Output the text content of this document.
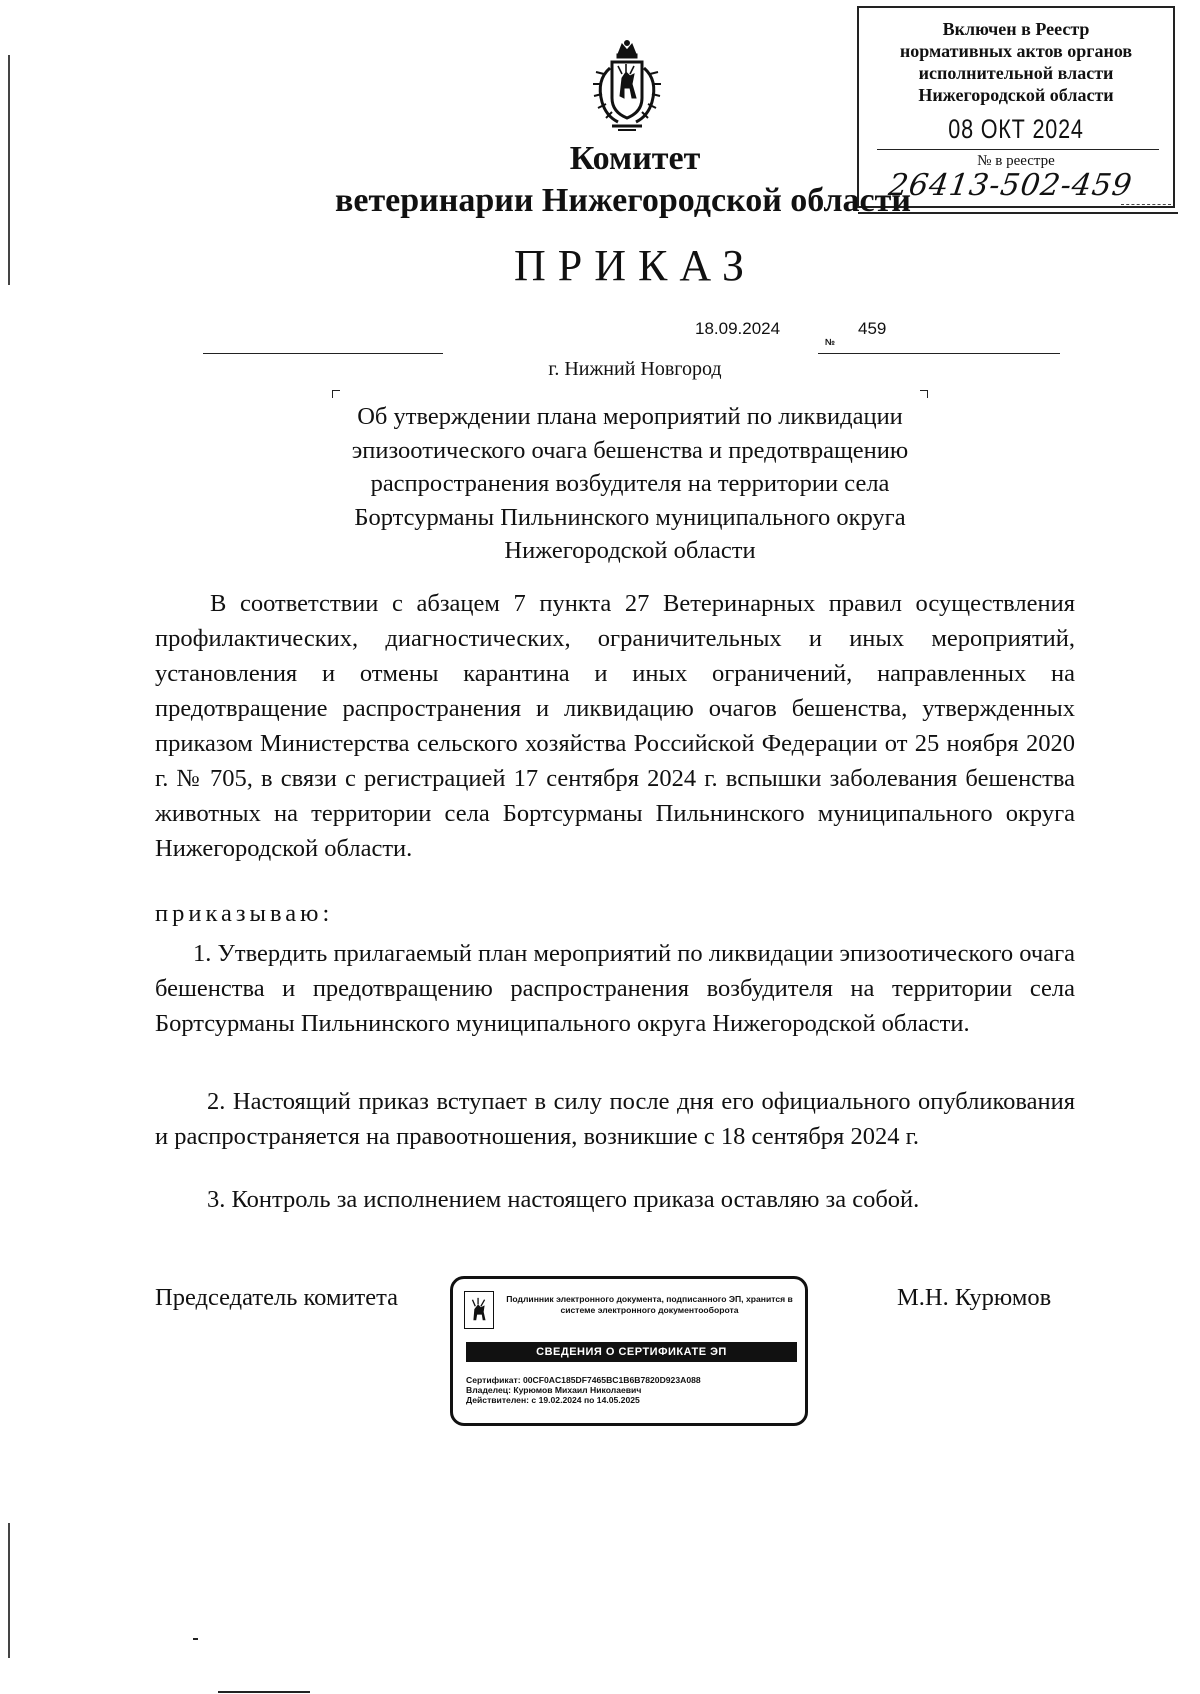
Включен в Реестр
нормативных актов органов
исполнительной власти
Нижегородской области
08 ОКТ 2024
№ в реестре
26413-502-459
Комитет
ветеринарии Нижегородской области
ПРИКАЗ
18.09.2024
№
459
г. Нижний Новгород
Об утверждении плана мероприятий по ликвидации эпизоотического очага бешенства и предотвращению распространения возбудителя на территории села Бортсурманы Пильнинского муниципального округа Нижегородской области
В соответствии с абзацем 7 пункта 27 Ветеринарных правил осуществления профилактических, диагностических, ограничительных и иных мероприятий, установления и отмены карантина и иных ограничений, направленных на предотвращение распространения и ликвидацию очагов бешенства, утвержденных приказом Министерства сельского хозяйства Российской Федерации от 25 ноября 2020 г. № 705, в связи с регистрацией 17 сентября 2024 г. вспышки заболевания бешенства животных на территории села Бортсурманы Пильнинского муниципального округа Нижегородской области.
приказываю:
1. Утвердить прилагаемый план мероприятий по ликвидации эпизоотического очага бешенства и предотвращению распространения возбудителя на территории села Бортсурманы Пильнинского муниципального округа Нижегородской области.
2. Настоящий приказ вступает в силу после дня его официального опубликования и распространяется на правоотношения, возникшие с 18 сентября 2024 г.
3. Контроль за исполнением настоящего приказа оставляю за собой.
Председатель комитета	Подлинник электронного документа, подписанного ЭП, хранится в системе электронного документооборота
СВЕДЕНИЯ О СЕРТИФИКАТЕ ЭП
Сертификат: 00CF0AC185DF7465BC1B6B7820D923A088
Владелец: Курюмов Михаил Николаевич
Действителен: с 19.02.2024 по 14.05.2025
М.Н. Курюмов
